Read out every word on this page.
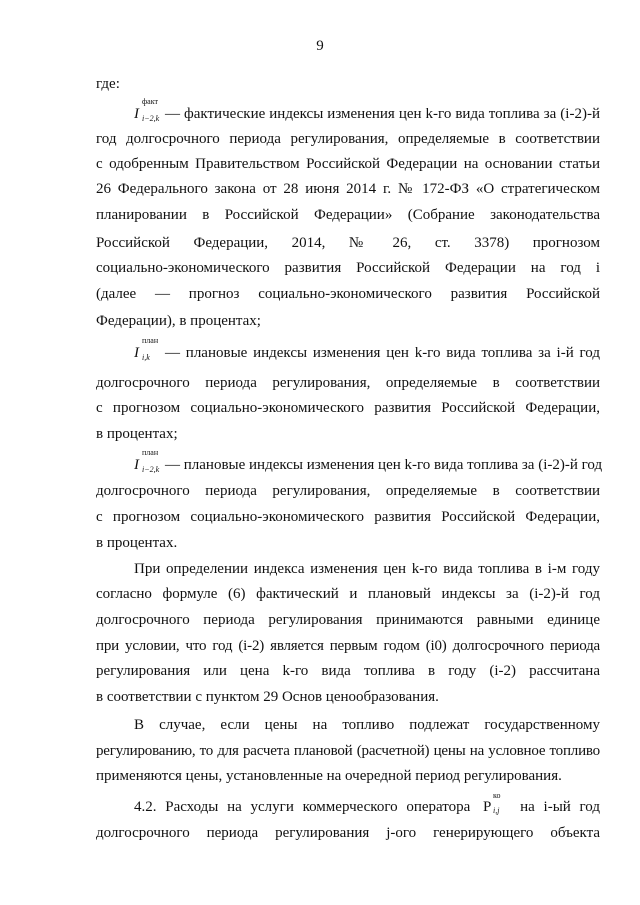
9
где:
I
факт
i−2,k — фактические индексы изменения цен k-го вида топлива за (i-2)-й
год долгосрочного периода регулирования, определяемые в соответствии
с одобренным Правительством Российской Федерации на основании статьи
26 Федерального закона от 28 июня 2014 г. № 172-ФЗ «О стратегическом
планировании в Российской Федерации» (Собрание законодательства
Российской Федерации, 2014, № 26, ст. 3378) прогнозом
социально-экономического развития Российской Федерации на год i
(далее — прогноз социально-экономического развития Российской
Федерации), в процентах;
I
план
i,k — плановые индексы изменения цен k-го вида топлива за i-й год
долгосрочного периода регулирования, определяемые в соответствии
с прогнозом социально-экономического развития Российской Федерации,
в процентах;
I
план
i−2,k — плановые индексы изменения цен k-го вида топлива за (i-2)-й год
долгосрочного периода регулирования, определяемые в соответствии
с прогнозом социально-экономического развития Российской Федерации,
в процентах.
При определении индекса изменения цен k-го вида топлива в i-м году
согласно формуле (6) фактический и плановый индексы за (i-2)-й год
долгосрочного периода регулирования принимаются равными единице
при условии, что год (i-2) является первым годом (i0) долгосрочного периода
регулирования или цена k-го вида топлива в году (i-2) рассчитана
в соответствии с пунктом 29 Основ ценообразования.
В случае, если цены на топливо подлежат государственному
регулированию, то для расчета плановой (расчетной) цены на условное топливо
применяются цены, установленные на очередной период регулирования.
4.2. Расходы на услуги коммерческого оператора P
ко
i,j на i-ый год
долгосрочного периода регулирования j-ого генерирующего объекта
